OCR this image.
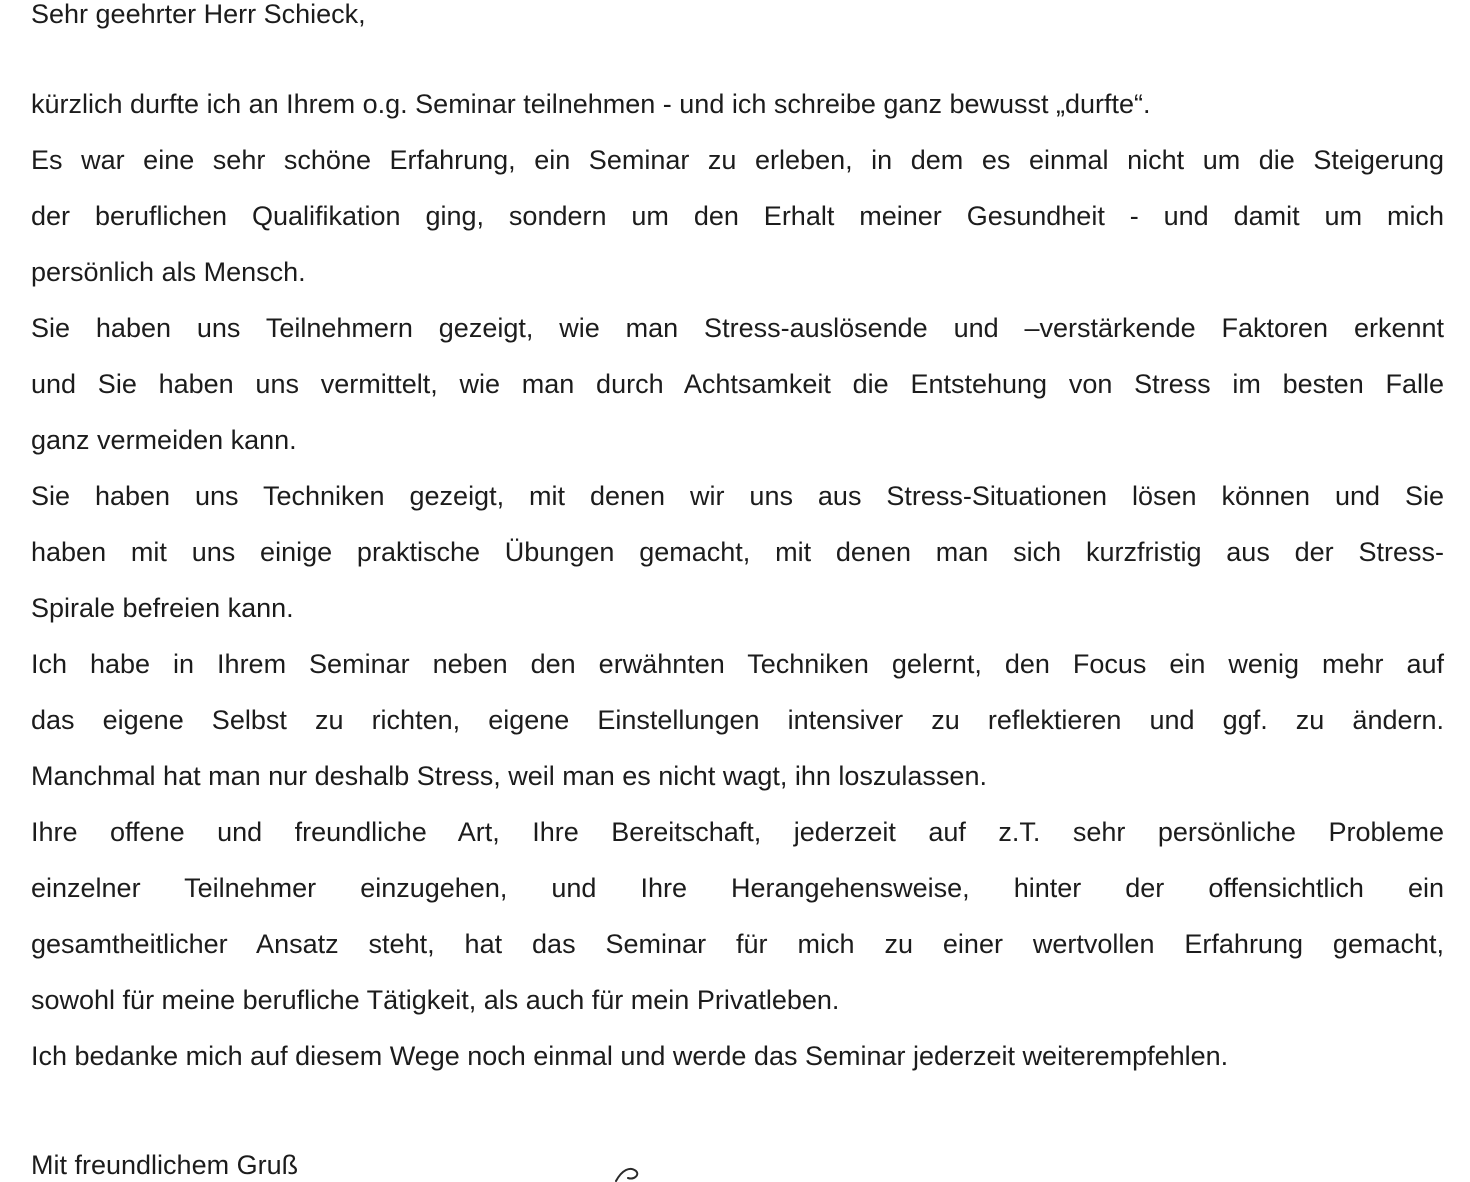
Sehr geehrter Herr Schieck,
kürzlich durfte ich an Ihrem o.g. Seminar teilnehmen - und ich schreibe ganz bewusst „durfte“.
Es war eine sehr schöne Erfahrung, ein Seminar zu erleben, in dem es einmal nicht um die Steigerung
der beruflichen Qualifikation ging, sondern um den Erhalt meiner Gesundheit - und damit um mich
persönlich als Mensch.
Sie haben uns Teilnehmern gezeigt, wie man Stress-auslösende und –verstärkende Faktoren erkennt
und Sie haben uns vermittelt, wie man durch Achtsamkeit die Entstehung von Stress im besten Falle
ganz vermeiden kann.
Sie haben uns Techniken gezeigt, mit denen wir uns aus Stress-Situationen lösen können und Sie
haben mit uns einige praktische Übungen gemacht, mit denen man sich kurzfristig aus der Stress-
Spirale befreien kann.
Ich habe in Ihrem Seminar neben den erwähnten Techniken gelernt, den Focus ein wenig mehr auf
das eigene Selbst zu richten, eigene Einstellungen intensiver zu reflektieren und ggf. zu ändern.
Manchmal hat man nur deshalb Stress, weil man es nicht wagt, ihn loszulassen.
Ihre offene und freundliche Art, Ihre Bereitschaft, jederzeit auf z.T. sehr persönliche Probleme
einzelner Teilnehmer einzugehen, und Ihre Herangehensweise, hinter der offensichtlich ein
gesamtheitlicher Ansatz steht, hat das Seminar für mich zu einer wertvollen Erfahrung gemacht,
sowohl für meine berufliche Tätigkeit, als auch für mein Privatleben.
Ich bedanke mich auf diesem Wege noch einmal und werde das Seminar jederzeit weiterempfehlen.
Mit freundlichem Gruß
